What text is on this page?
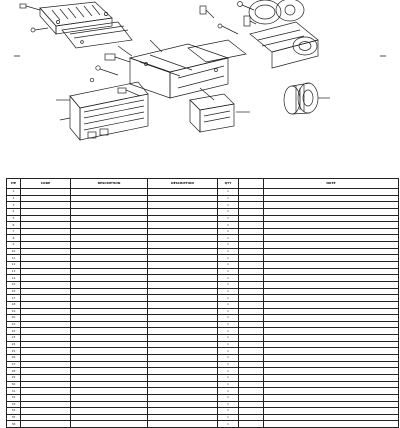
ITE	CODE	DESCRIPTION	DESCRIPTION	QTY		NOTE
1				1		
2				1		
3				1		
4				1		
5				1		
6				1		
7				1		
8				1		
9				1		
10				1		
11				1		
12				1		
13				1		
14				1		
15				1		
16				1		
17				1		
18				1		
19				1		
20				1		
21				1		
22				1		
23				1		
24				1		
25				1		
26				1		
27				1		
28				1		
29				1		
30				1		
31				1		
32				1		
33				1		
34				1		
35				1		
36				1		
